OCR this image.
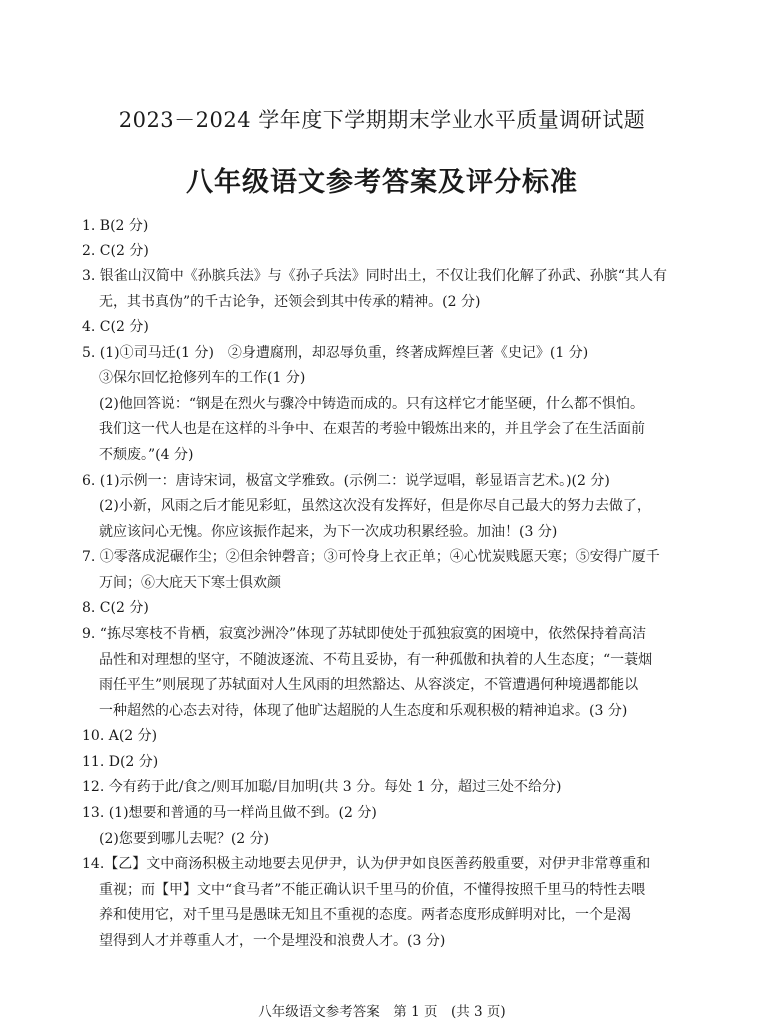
2023－2024 学年度下学期期末学业水平质量调研试题
八年级语文参考答案及评分标准
1. B(2 分)
2. C(2 分)
3. 银雀山汉简中《孙膑兵法》与《孙子兵法》同时出土，不仅让我们化解了孙武、孙膑“其人有
无，其书真伪”的千古论争，还领会到其中传承的精神。(2 分)
4. C(2 分)
5. (1)①司马迁(1 分)　②身遭腐刑，却忍辱负重，终著成辉煌巨著《史记》(1 分)
③保尔回忆抢修列车的工作(1 分)
(2)他回答说：“钢是在烈火与骤冷中铸造而成的。只有这样它才能坚硬，什么都不惧怕。
我们这一代人也是在这样的斗争中、在艰苦的考验中锻炼出来的，并且学会了在生活面前
不颓废。”(4 分)
6. (1)示例一：唐诗宋词，极富文学雅致。(示例二：说学逗唱，彰显语言艺术。)(2 分)
(2)小新，风雨之后才能见彩虹，虽然这次没有发挥好，但是你尽自己最大的努力去做了，
就应该问心无愧。你应该振作起来，为下一次成功积累经验。加油！(3 分)
7. ①零落成泥碾作尘；②但余钟磬音；③可怜身上衣正单；④心忧炭贱愿天寒；⑤安得广厦千
万间；⑥大庇天下寒士俱欢颜
8. C(2 分)
9. “拣尽寒枝不肯栖，寂寞沙洲冷”体现了苏轼即使处于孤独寂寞的困境中，依然保持着高洁
品性和对理想的坚守，不随波逐流、不苟且妥协，有一种孤傲和执着的人生态度；“一蓑烟
雨任平生”则展现了苏轼面对人生风雨的坦然豁达、从容淡定，不管遭遇何种境遇都能以
一种超然的心态去对待，体现了他旷达超脱的人生态度和乐观积极的精神追求。(3 分)
10. A(2 分)
11. D(2 分)
12. 今有药于此/食之/则耳加聪/目加明(共 3 分。每处 1 分，超过三处不给分)
13. (1)想要和普通的马一样尚且做不到。(2 分)
(2)您要到哪儿去呢？(2 分)
14.【乙】文中商汤积极主动地要去见伊尹，认为伊尹如良医善药般重要，对伊尹非常尊重和
重视；而【甲】文中“食马者”不能正确认识千里马的价值，不懂得按照千里马的特性去喂
养和使用它，对千里马是愚昧无知且不重视的态度。两者态度形成鲜明对比，一个是渴
望得到人才并尊重人才，一个是埋没和浪费人才。(3 分)
八年级语文参考答案　第 1 页　(共 3 页)
